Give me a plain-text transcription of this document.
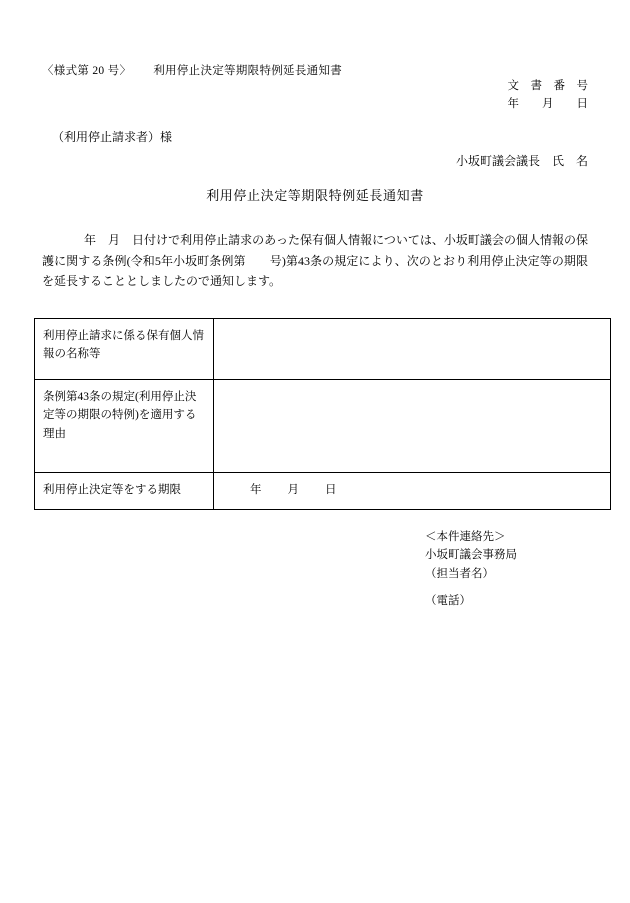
〈様式第 20 号〉 利用停止決定等期限特例延長通知書
文　書　番　号
年　　月　　日
（利用停止請求者）様
小坂町議会議長　氏　名
利用停止決定等期限特例延長通知書
年　月　日付けで利用停止請求のあった保有個人情報については、小坂町議会の個人情報の保護に関する条例(令和5年小坂町条例第　　号)第43条の規定により、次のとおり利用停止決定等の期限を延長することとしましたので通知します。
利用停止請求に係る保有個人情報の名称等	
条例第43条の規定(利用停止決定等の期限の特例)を適用する理由	
利用停止決定等をする期限	年　　月　　日
＜本件連絡先＞
小坂町議会事務局
（担当者名）
（電話）
